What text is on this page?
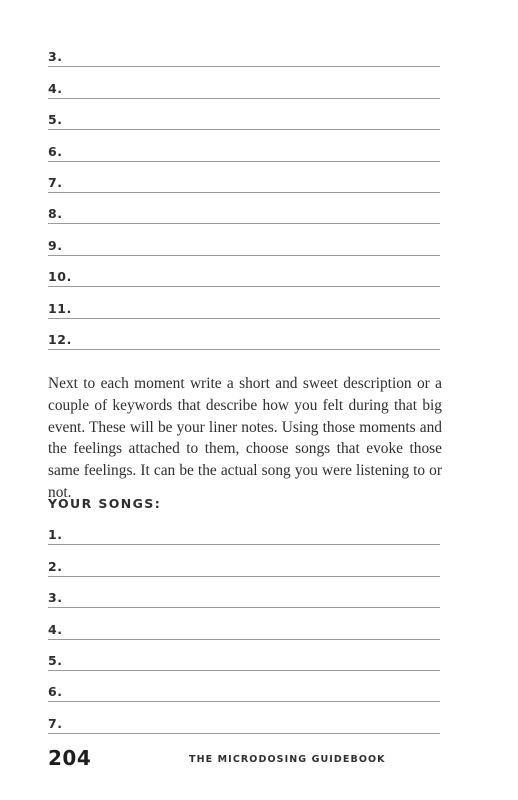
3.
4.
5.
6.
7.
8.
9.
10.
11.
12.

Next to each moment write a short and sweet description or a couple of keywords that describe how you felt during that big event. These will be your liner notes. Using those moments and the feelings attached to them, choose songs that evoke those same feelings. It can be the actual song you were listening to or not.

YOUR SONGS:
1.
2.
3.
4.
5.
6.
7.
204	THE MICRODOSING GUIDEBOOK
